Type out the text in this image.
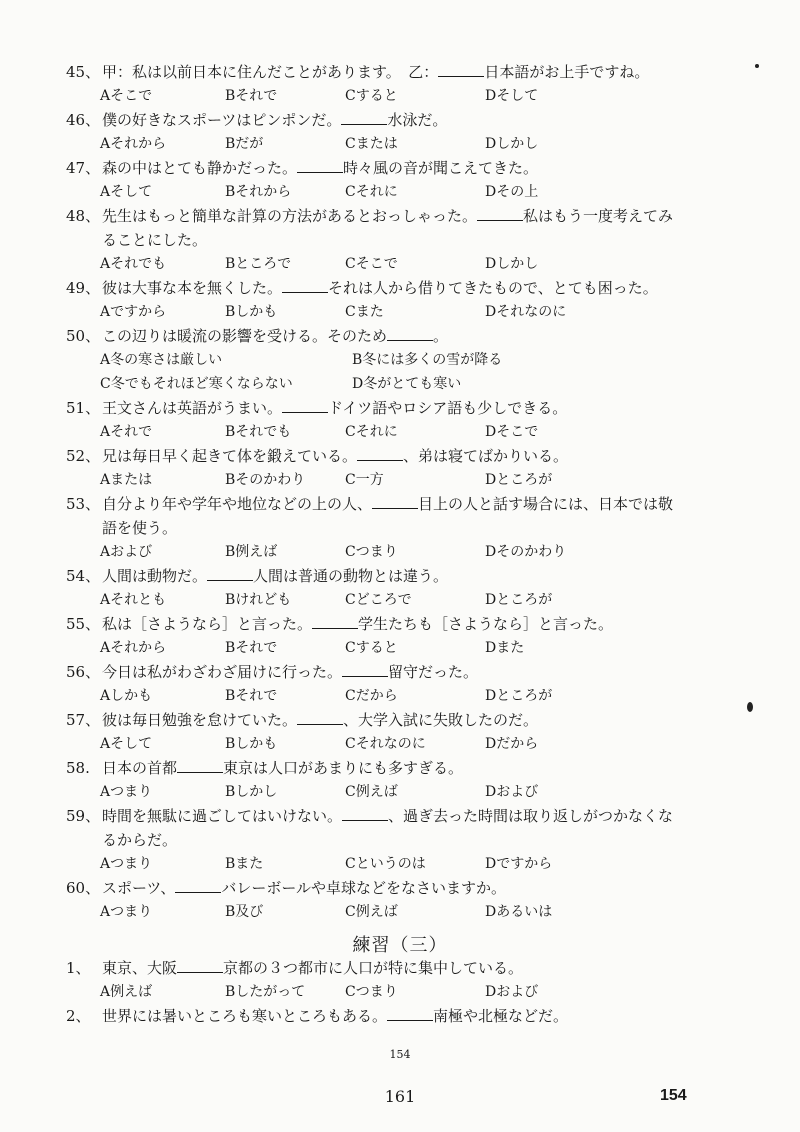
45、 甲：私は以前日本に住んだことがあります。　乙：	日本語がお上手ですね。
Aそこで	Bそれで	Cすると	Dそして
46、 僕の好きなスポーツはピンポンだ。	水泳だ。
Aそれから	Bだが	Cまたは	Dしかし
47、 森の中はとても静かだった。	時々風の音が聞こえてきた。
Aそして	Bそれから	Cそれに	Dその上
48、 先生はもっと簡単な計算の方法があるとおっしゃった。	私はもう一度考えてみ
ることにした。
Aそれでも	Bところで	Cそこで	Dしかし
49、 彼は大事な本を無くした。	それは人から借りてきたもので、とても困った。
Aですから	Bしかも	Cまた	Dそれなのに
50、 この辺りは暖流の影響を受ける。そのため	。
A冬の寒さは厳しい	B冬には多くの雪が降る
C冬でもそれほど寒くならない	D冬がとても寒い
51、 王文さんは英語がうまい。	ドイツ語やロシア語も少しできる。
Aそれで	Bそれでも	Cそれに	Dそこで
52、 兄は毎日早く起きて体を鍛えている。	、弟は寝てばかりいる。
Aまたは	Bそのかわり	C一方	Dところが
53、 自分より年や学年や地位などの上の人、	目上の人と話す場合には、日本では敬
語を使う。
Aおよび	B例えば	Cつまり	Dそのかわり
54、 人間は動物だ。	人間は普通の動物とは違う。
Aそれとも	Bけれども	Cどころで	Dところが
55、 私は［さようなら］と言った。	学生たちも［さようなら］と言った。
Aそれから	Bそれで	Cすると	Dまた
56、 今日は私がわざわざ届けに行った。	留守だった。
Aしかも	Bそれで	Cだから	Dところが
57、 彼は毎日勉強を怠けていた。	、大学入試に失敗したのだ。
Aそして	Bしかも	Cそれなのに	Dだから
58. 日本の首都	東京は人口があまりにも多すぎる。
Aつまり	Bしかし	C例えば	Dおよび
59、 時間を無駄に過ごしてはいけない。	、過ぎ去った時間は取り返しがつかなくな
るからだ。
Aつまり	Bまた	Cというのは	Dですから
60、 スポーツ、	バレーボールや卓球などをなさいますか。
Aつまり	B及び	C例えば	Dあるいは
1、 東京、大阪	京都の３つ都市に人口が特に集中している。
A例えば	Bしたがって	Cつまり	Dおよび
2、 世界には暑いところも寒いところもある。	南極や北極などだ。
練習（三）
154
161	154
